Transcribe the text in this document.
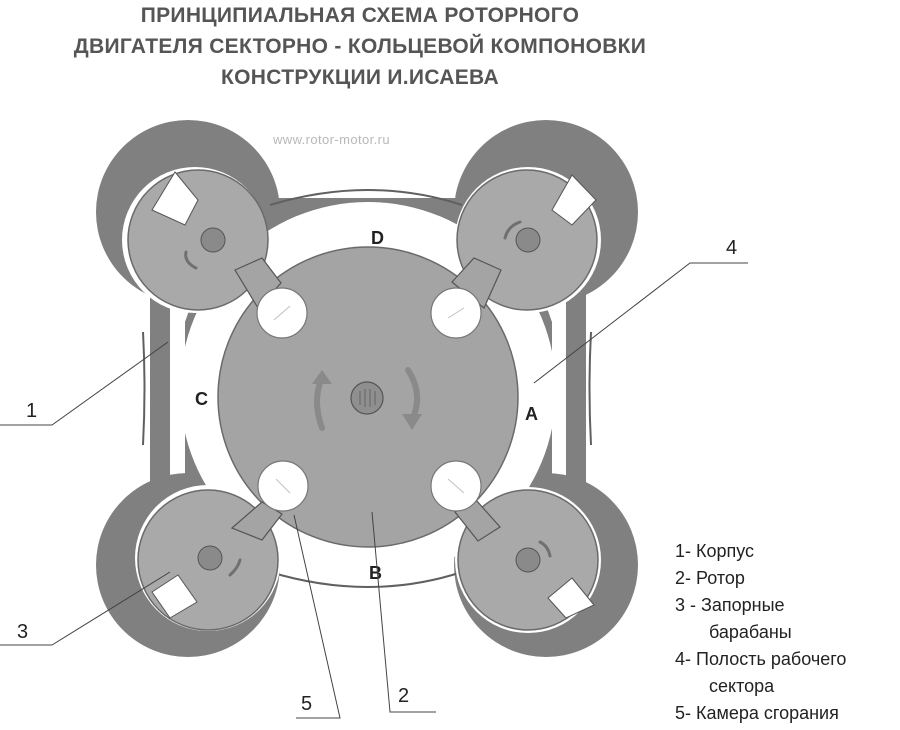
ПРИНЦИПИАЛЬНАЯ СХЕМА РОТОРНОГО
ДВИГАТЕЛЯ СЕКТОРНО - КОЛЬЦЕВОЙ КОМПОНОВКИ
КОНСТРУКЦИИ И.ИСАЕВА
www.rotor-motor.ru
D
A
B
C
1
4
3
5	2
1- Корпус
2- Ротор
3 - Запорные
барабаны
4- Полость рабочего
сектора
5- Камера сгорания
